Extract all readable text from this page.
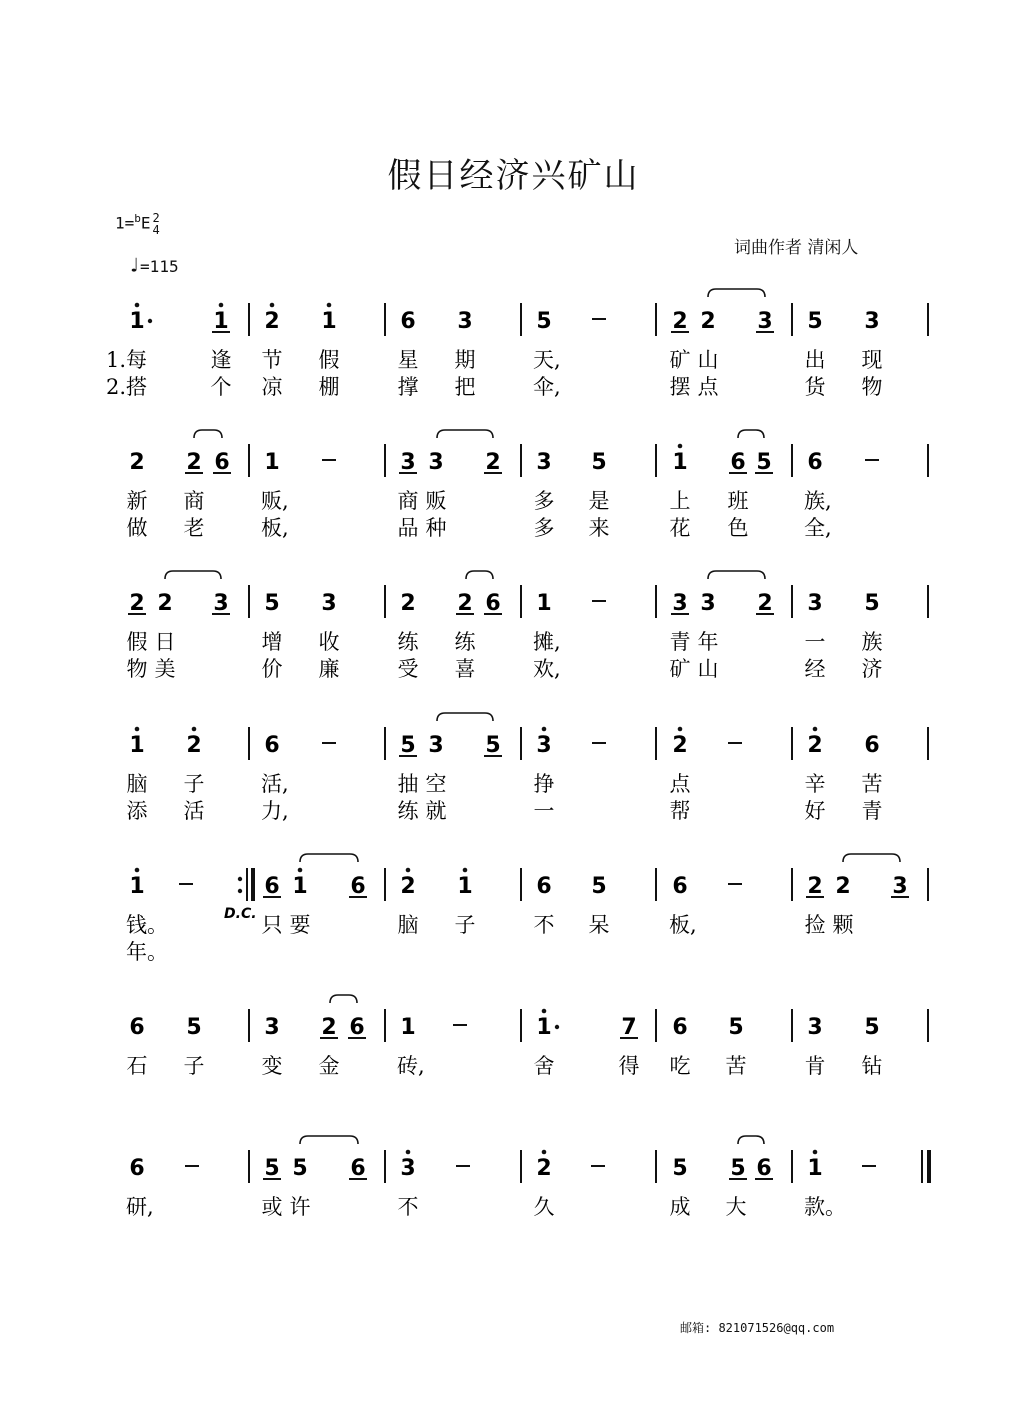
假日经济兴矿山
1=$^b$E 2
4
♩=115
词曲作者 清闲人
邮箱: 821071526@qq.com
1	1 2 1	6 3	5	2 2 3 5 3
2 2 6 1	3 3 2 3 5	1 6 5 6
2 2 3 5 3	2 2 6 1	3 3 2 3 5
1 2	6	5 3 5 3	2	2 6
1	6 1 6 2 1	6 5	6	2 2 3
6 5	3 2 6 1	1	7 6 5	3 5
6	5 5 6 3	2	5 5 6 1
1.每	逢 节 假	星 期	天,	矿 山	出 现
2.搭	个 凉 棚	撑 把	伞,	摆 点	货 物
新 商	贩,	商 贩	多 是	上 班	族,
做 老	板,	品 种	多 来	花 色	全,
假 日	增 收	练 练	摊,	青 年	一 族
物 美	价 廉	受 喜	欢,	矿 山	经 济
脑 子	活,	抽 空	挣	点	辛 苦
添 活	力,	练 就	一	帮	好 青
钱。	只 要	脑 子	不 呆	板,	捡 颗
年。
石 子	变 金	砖,	舍	得 吃 苦	肯 钻
研,	或 许	不	久	成 大	款。
D.C.
